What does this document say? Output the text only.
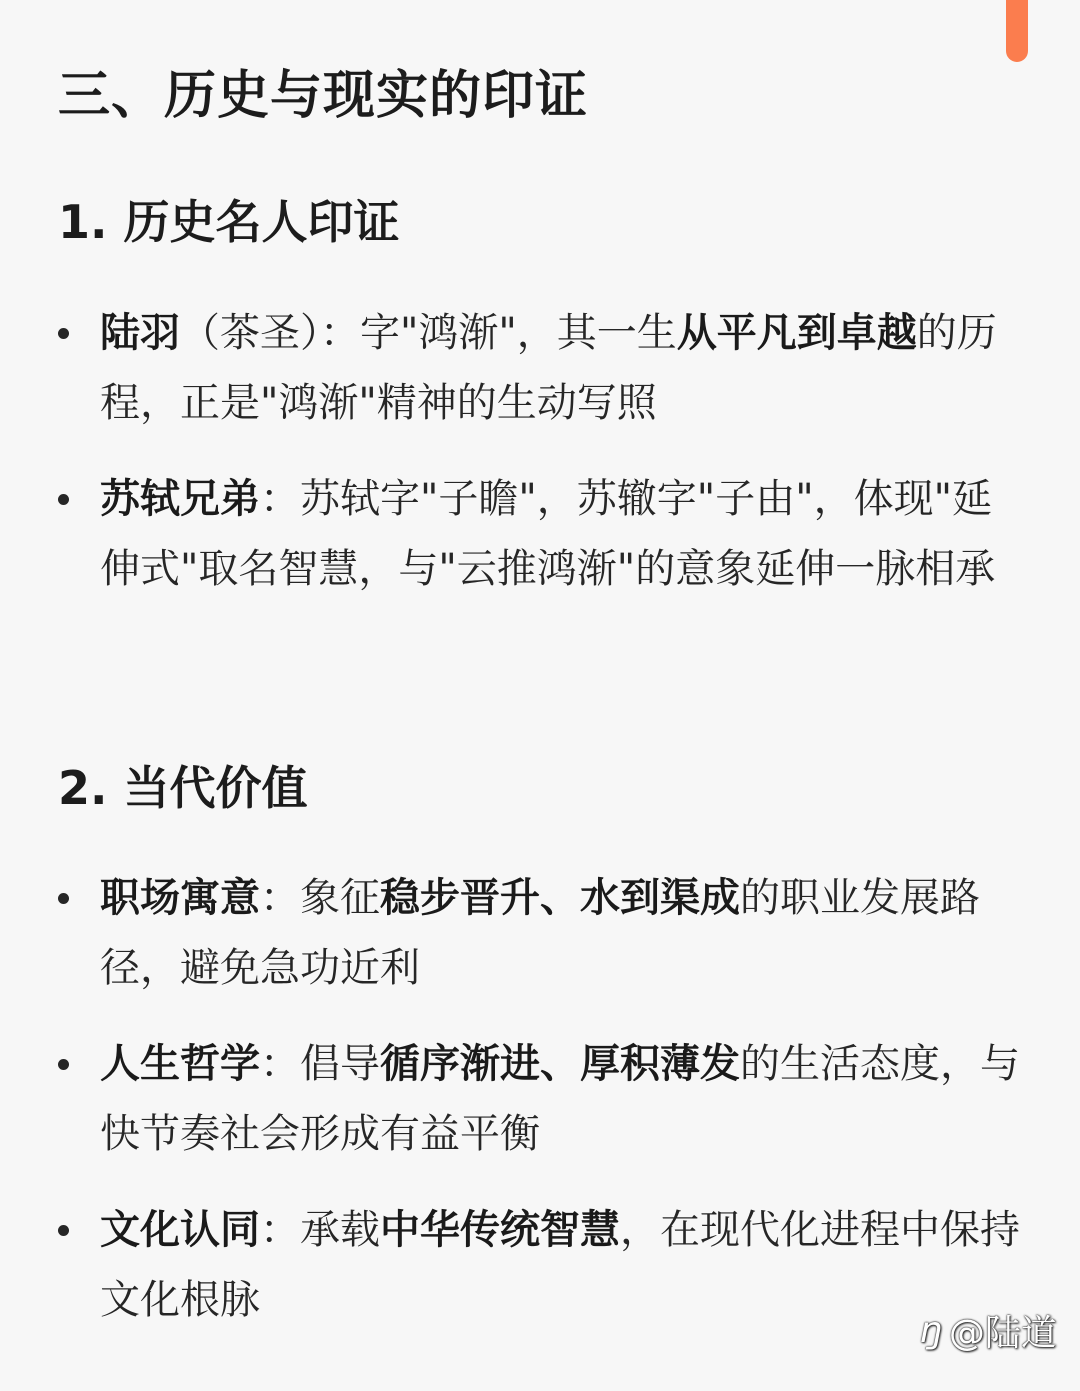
三、历史与现实的印证
1. 历史名人印证
陆羽（茶圣）：字"鸿渐"，其一生从平凡到卓越的历程，正是"鸿渐"精神的生动写照
苏轼兄弟：苏轼字"子瞻"，苏辙字"子由"，体现"延伸式"取名智慧，与"云推鸿渐"的意象延伸一脉相承
2. 当代价值
职场寓意：象征稳步晋升、水到渠成的职业发展路径，避免急功近利
人生哲学：倡导循序渐进、厚积薄发的生活态度，与快节奏社会形成有益平衡
文化认同：承载中华传统智慧，在现代化进程中保持文化根脉
ŋ @陆道
